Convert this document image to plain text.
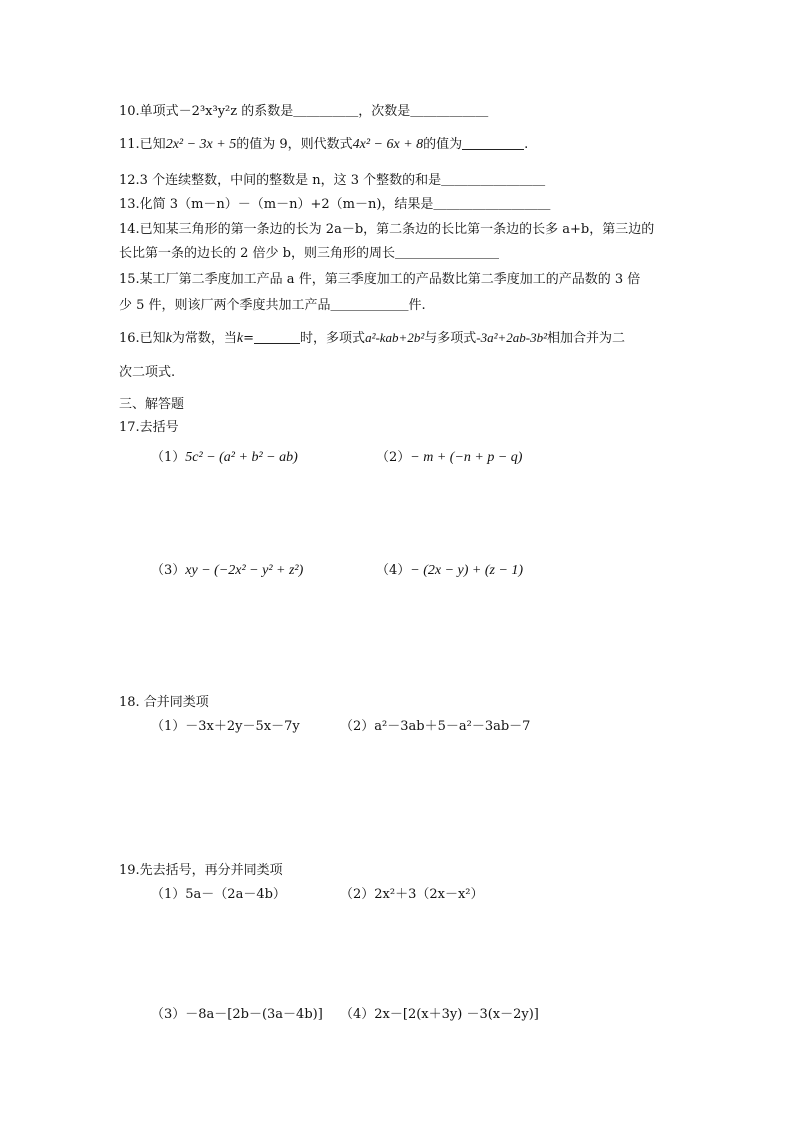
10.单项式－2³x³y²z 的系数是＿＿＿＿＿，次数是＿＿＿＿＿＿
11.已知2x² − 3x + 5的值为 9，则代数式4x² − 6x + 8的值为	.
12.3 个连续整数，中间的整数是 n，这 3 个整数的和是＿＿＿＿＿＿＿＿
13.化简 3（m－n）－（m－n）+2（m－n)，结果是＿＿＿＿＿＿＿＿＿
14.已知某三角形的第一条边的长为 2a－b，第二条边的长比第一条边的长多 a+b，第三边的
长比第一条的边长的 2 倍少 b，则三角形的周长＿＿＿＿＿＿＿＿
15.某工厂第二季度加工产品 a 件，第三季度加工的产品数比第二季度加工的产品数的 3 倍
少 5 件，则该厂两个季度共加工产品＿＿＿＿＿＿件.
16.已知k为常数，当k=	时，多项式a²-kab+2b²与多项式-3a²+2ab-3b²相加合并为二
次二项式.
三、解答题
17.去括号
（1）5c² − (a² + b² − ab)	（2）− m + (−n + p − q)
（3）xy − (−2x² − y² + z²)	（4）− (2x − y) + (z − 1)
18. 合并同类项
（1）－3x＋2y－5x－7y	（2）a²－3ab＋5－a²－3ab－7
19.先去括号，再分并同类项
（1）5a－（2a－4b）	（2）2x²＋3（2x－x²）
（3）－8a－[2b－(3a－4b)] （4）2x－[2(x＋3y) －3(x－2y)]
